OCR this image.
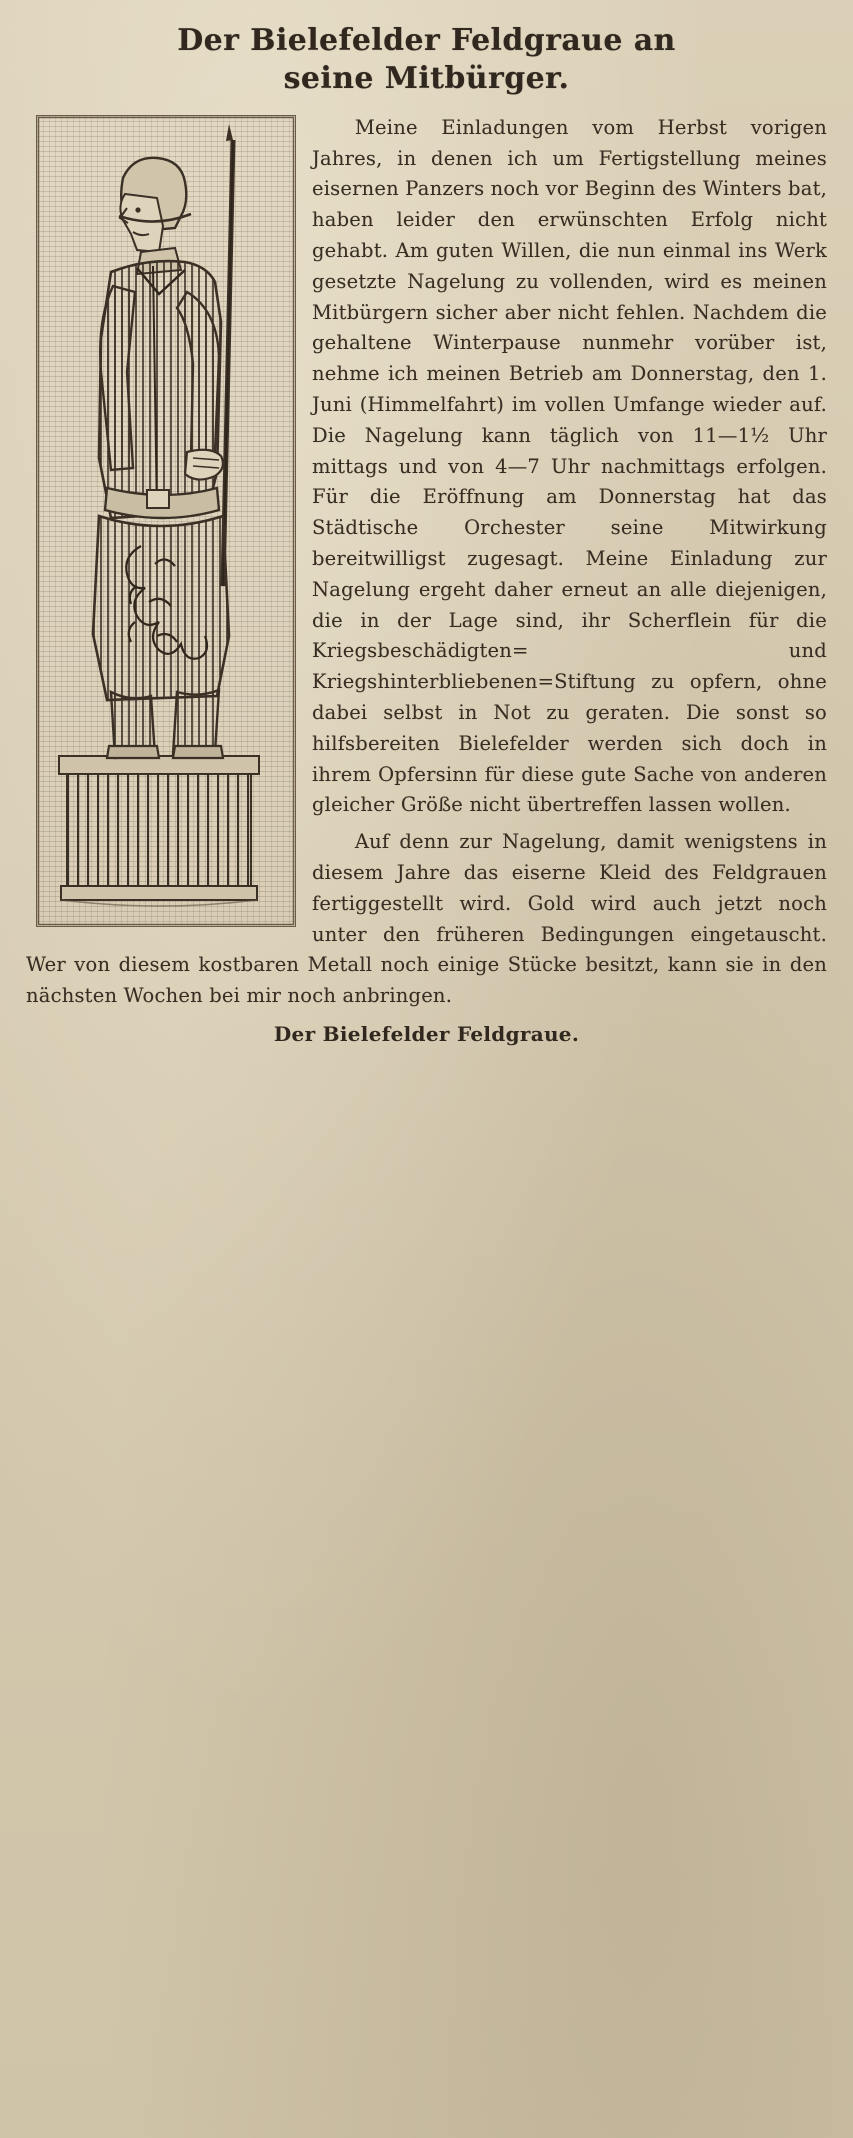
Der Bielefelder Feldgraue an
seine Mitbürger.

Meine Einladungen vom Herbst vorigen Jahres, in denen ich um Fertigstellung meines eisernen Panzers noch vor Beginn des Winters bat, haben leider den erwünschten Erfolg nicht gehabt. Am guten Willen, die nun einmal ins Werk gesetzte Nagelung zu vollenden, wird es meinen Mitbürgern sicher aber nicht fehlen. Nachdem die gehaltene Winterpause nunmehr vorüber ist, nehme ich meinen Betrieb am Donnerstag, den 1. Juni (Himmelfahrt) im vollen Umfange wieder auf. Die Nagelung kann täglich von 11—1½ Uhr mittags und von 4—7 Uhr nachmittags erfolgen. Für die Eröffnung am Donnerstag hat das Städtische Orchester seine Mitwirkung bereitwilligst zugesagt. Meine Einladung zur Nagelung ergeht daher erneut an alle diejenigen, die in der Lage sind, ihr Scherflein für die Kriegsbeschädigten= und Kriegshinterbliebenen=Stiftung zu opfern, ohne dabei selbst in Not zu geraten. Die sonst so hilfsbereiten Bielefelder werden sich doch in ihrem Opfersinn für diese gute Sache von anderen gleicher Größe nicht übertreffen lassen wollen.

Auf denn zur Nagelung, damit wenigstens in diesem Jahre das eiserne Kleid des Feldgrauen fertiggestellt wird. Gold wird auch jetzt noch unter den früheren Bedingungen eingetauscht. Wer von diesem kostbaren Metall noch einige Stücke besitzt, kann sie in den nächsten Wochen bei mir noch anbringen.

Der Bielefelder Feldgraue.
